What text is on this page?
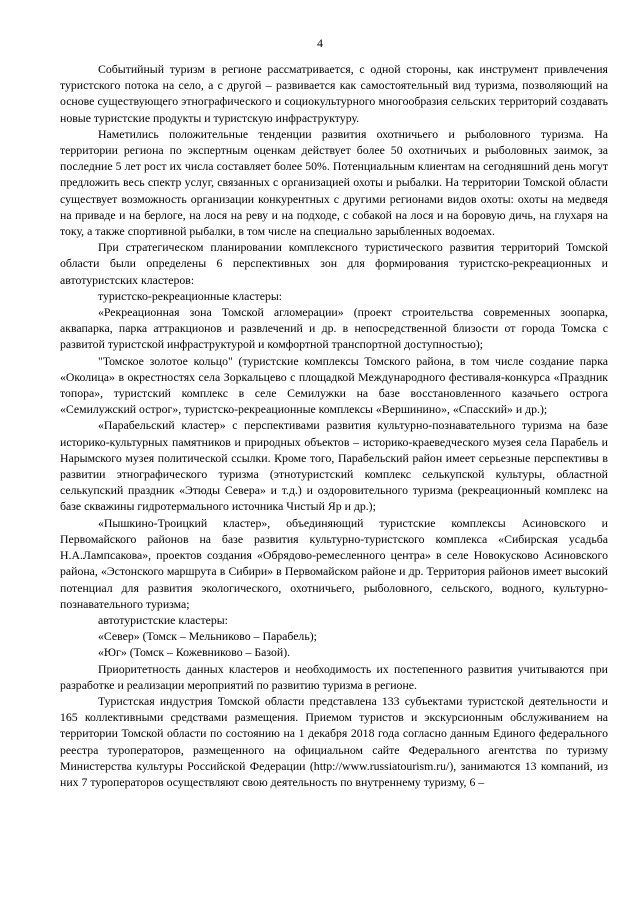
4

Событийный туризм в регионе рассматривается, с одной стороны, как инструмент привлечения туристского потока на село, а с другой – развивается как самостоятельный вид туризма, позволяющий на основе существующего этнографического и социокультурного многообразия сельских территорий создавать новые туристские продукты и туристскую инфраструктуру.

Наметились положительные тенденции развития охотничьего и рыболовного туризма. На территории региона по экспертным оценкам действует более 50 охотничьих и рыболовных заимок, за последние 5 лет рост их числа составляет более 50%. Потенциальным клиентам на сегодняшний день могут предложить весь спектр услуг, связанных с организацией охоты и рыбалки. На территории Томской области существует возможность организации конкурентных с другими регионами видов охоты: охоты на медведя на приваде и на берлоге, на лося на реву и на подходе, с собакой на лося и на боровую дичь, на глухаря на току, а также спортивной рыбалки, в том числе на специально зарыбленных водоемах.

При стратегическом планировании комплексного туристического развития территорий Томской области были определены 6 перспективных зон для формирования туристско-рекреационных и автотуристских кластеров:

туристско-рекреационные кластеры:

«Рекреационная зона Томской агломерации» (проект строительства современных зоопарка, аквапарка, парка аттракционов и развлечений и др. в непосредственной близости от города Томска с развитой туристской инфраструктурой и комфортной транспортной доступностью);

"Томское золотое кольцо" (туристские комплексы Томского района, в том числе создание парка «Околица» в окрестностях села Зоркальцево с площадкой Международного фестиваля-конкурса «Праздник топора», туристский комплекс в селе Семилужки на базе восстановленного казачьего острога «Семилужский острог», туристско-рекреационные комплексы «Вершинино», «Спасский» и др.);

«Парабельский кластер» с перспективами развития культурно-познавательного туризма на базе историко-культурных памятников и природных объектов – историко-краеведческого музея села Парабель и Нарымского музея политической ссылки. Кроме того, Парабельский район имеет серьезные перспективы в развитии этнографического туризма (этнотуристский комплекс селькупской культуры, областной селькупский праздник «Этюды Севера» и т.д.) и оздоровительного туризма (рекреационный комплекс на базе скважины гидротермального источника Чистый Яр и др.);

«Пышкино-Троицкий кластер», объединяющий туристские комплексы Асиновского и Первомайского районов на базе развития культурно-туристского комплекса «Сибирская усадьба Н.А.Лампсакова», проектов создания «Обрядово-ремесленного центра» в селе Новокусково Асиновского района, «Эстонского маршрута в Сибири» в Первомайском районе и др. Территория районов имеет высокий потенциал для развития экологического, охотничьего, рыболовного, сельского, водного, культурно-познавательного туризма;

автотуристские кластеры:

«Север» (Томск – Мельниково – Парабель);

«Юг» (Томск – Кожевниково – Базой).

Приоритетность данных кластеров и необходимость их постепенного развития учитываются при разработке и реализации мероприятий по развитию туризма в регионе.

Туристская индустрия Томской области представлена 133 субъектами туристской деятельности и 165 коллективными средствами размещения. Приемом туристов и экскурсионным обслуживанием на территории Томской области по состоянию на 1 декабря 2018 года согласно данным Единого федерального реестра туроператоров, размещенного на официальном сайте Федерального агентства по туризму Министерства культуры Российской Федерации (http://www.russiatourism.ru/), занимаются 13 компаний, из них 7 туроператоров осуществляют свою деятельность по внутреннему туризму, 6 –
